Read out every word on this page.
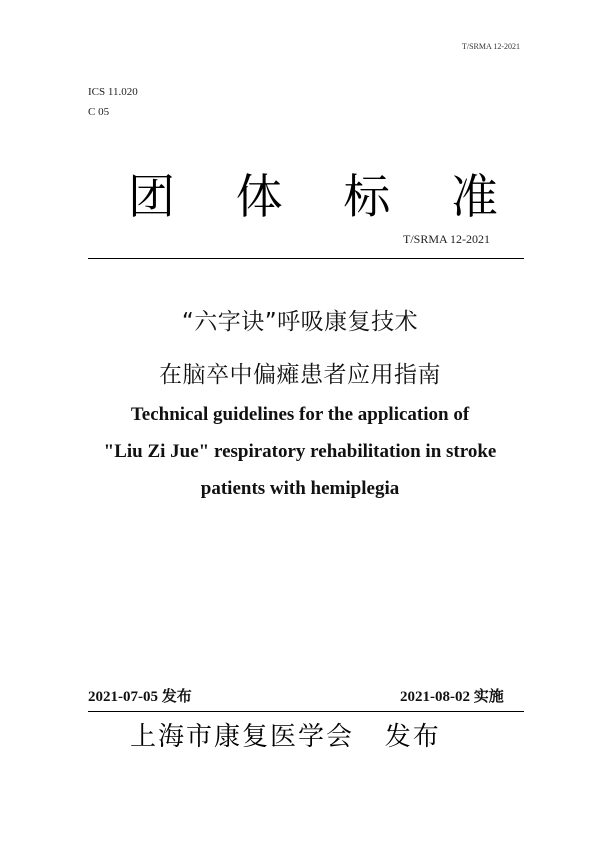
T/SRMA 12-2021
ICS 11.020
C 05
团 体 标 准
T/SRMA 12-2021
“六字诀”呼吸康复技术
在脑卒中偏瘫患者应用指南
Technical guidelines for the application of
"Liu Zi Jue" respiratory rehabilitation in stroke
patients with hemiplegia
2021-07-05 发布	2021-08-02 实施
上海市康复医学会   发布
